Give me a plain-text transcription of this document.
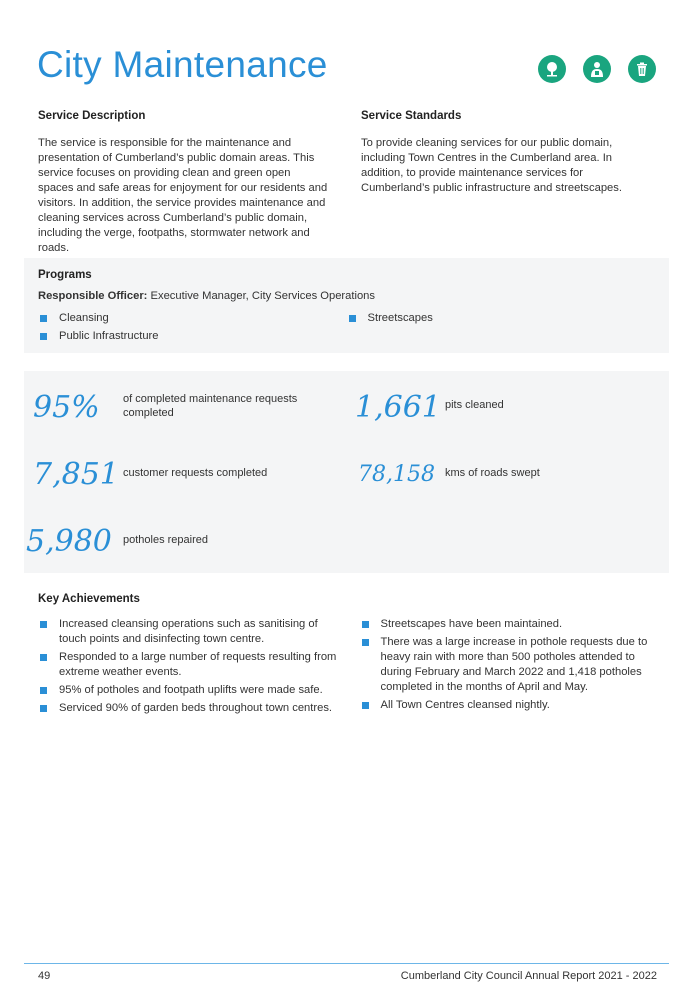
City Maintenance
Service Description

The service is responsible for the maintenance and presentation of Cumberland’s public domain areas. This service focuses on providing clean and green open spaces and safe areas for enjoyment for our residents and visitors. In addition, the service provides maintenance and cleaning services across Cumberland’s public domain, including the verge, footpaths, stormwater network and roads.

Service Standards

To provide cleaning services for our public domain, including Town Centres in the Cumberland area. In addition, to provide maintenance services for Cumberland’s public infrastructure and streetscapes.

Programs
Responsible Officer: Executive Manager, City Services Operations
Cleansing
Public Infrastructure
Streetscapes
95% of completed maintenance requests completed	1,661 pits cleaned
7,851 customer requests completed	78,158 kms of roads swept
5,980 potholes repaired
Key Achievements
Increased cleansing operations such as sanitising of touch points and disinfecting town centre.
Responded to a large number of requests resulting from extreme weather events.
95% of potholes and footpath uplifts were made safe.
Serviced 90% of garden beds throughout town centres.
Streetscapes have been maintained.
There was a large increase in pothole requests due to heavy rain with more than 500 potholes attended to during February and March 2022 and 1,418 potholes completed in the months of April and May.
All Town Centres cleansed nightly.
49	Cumberland City Council Annual Report 2021 - 2022
